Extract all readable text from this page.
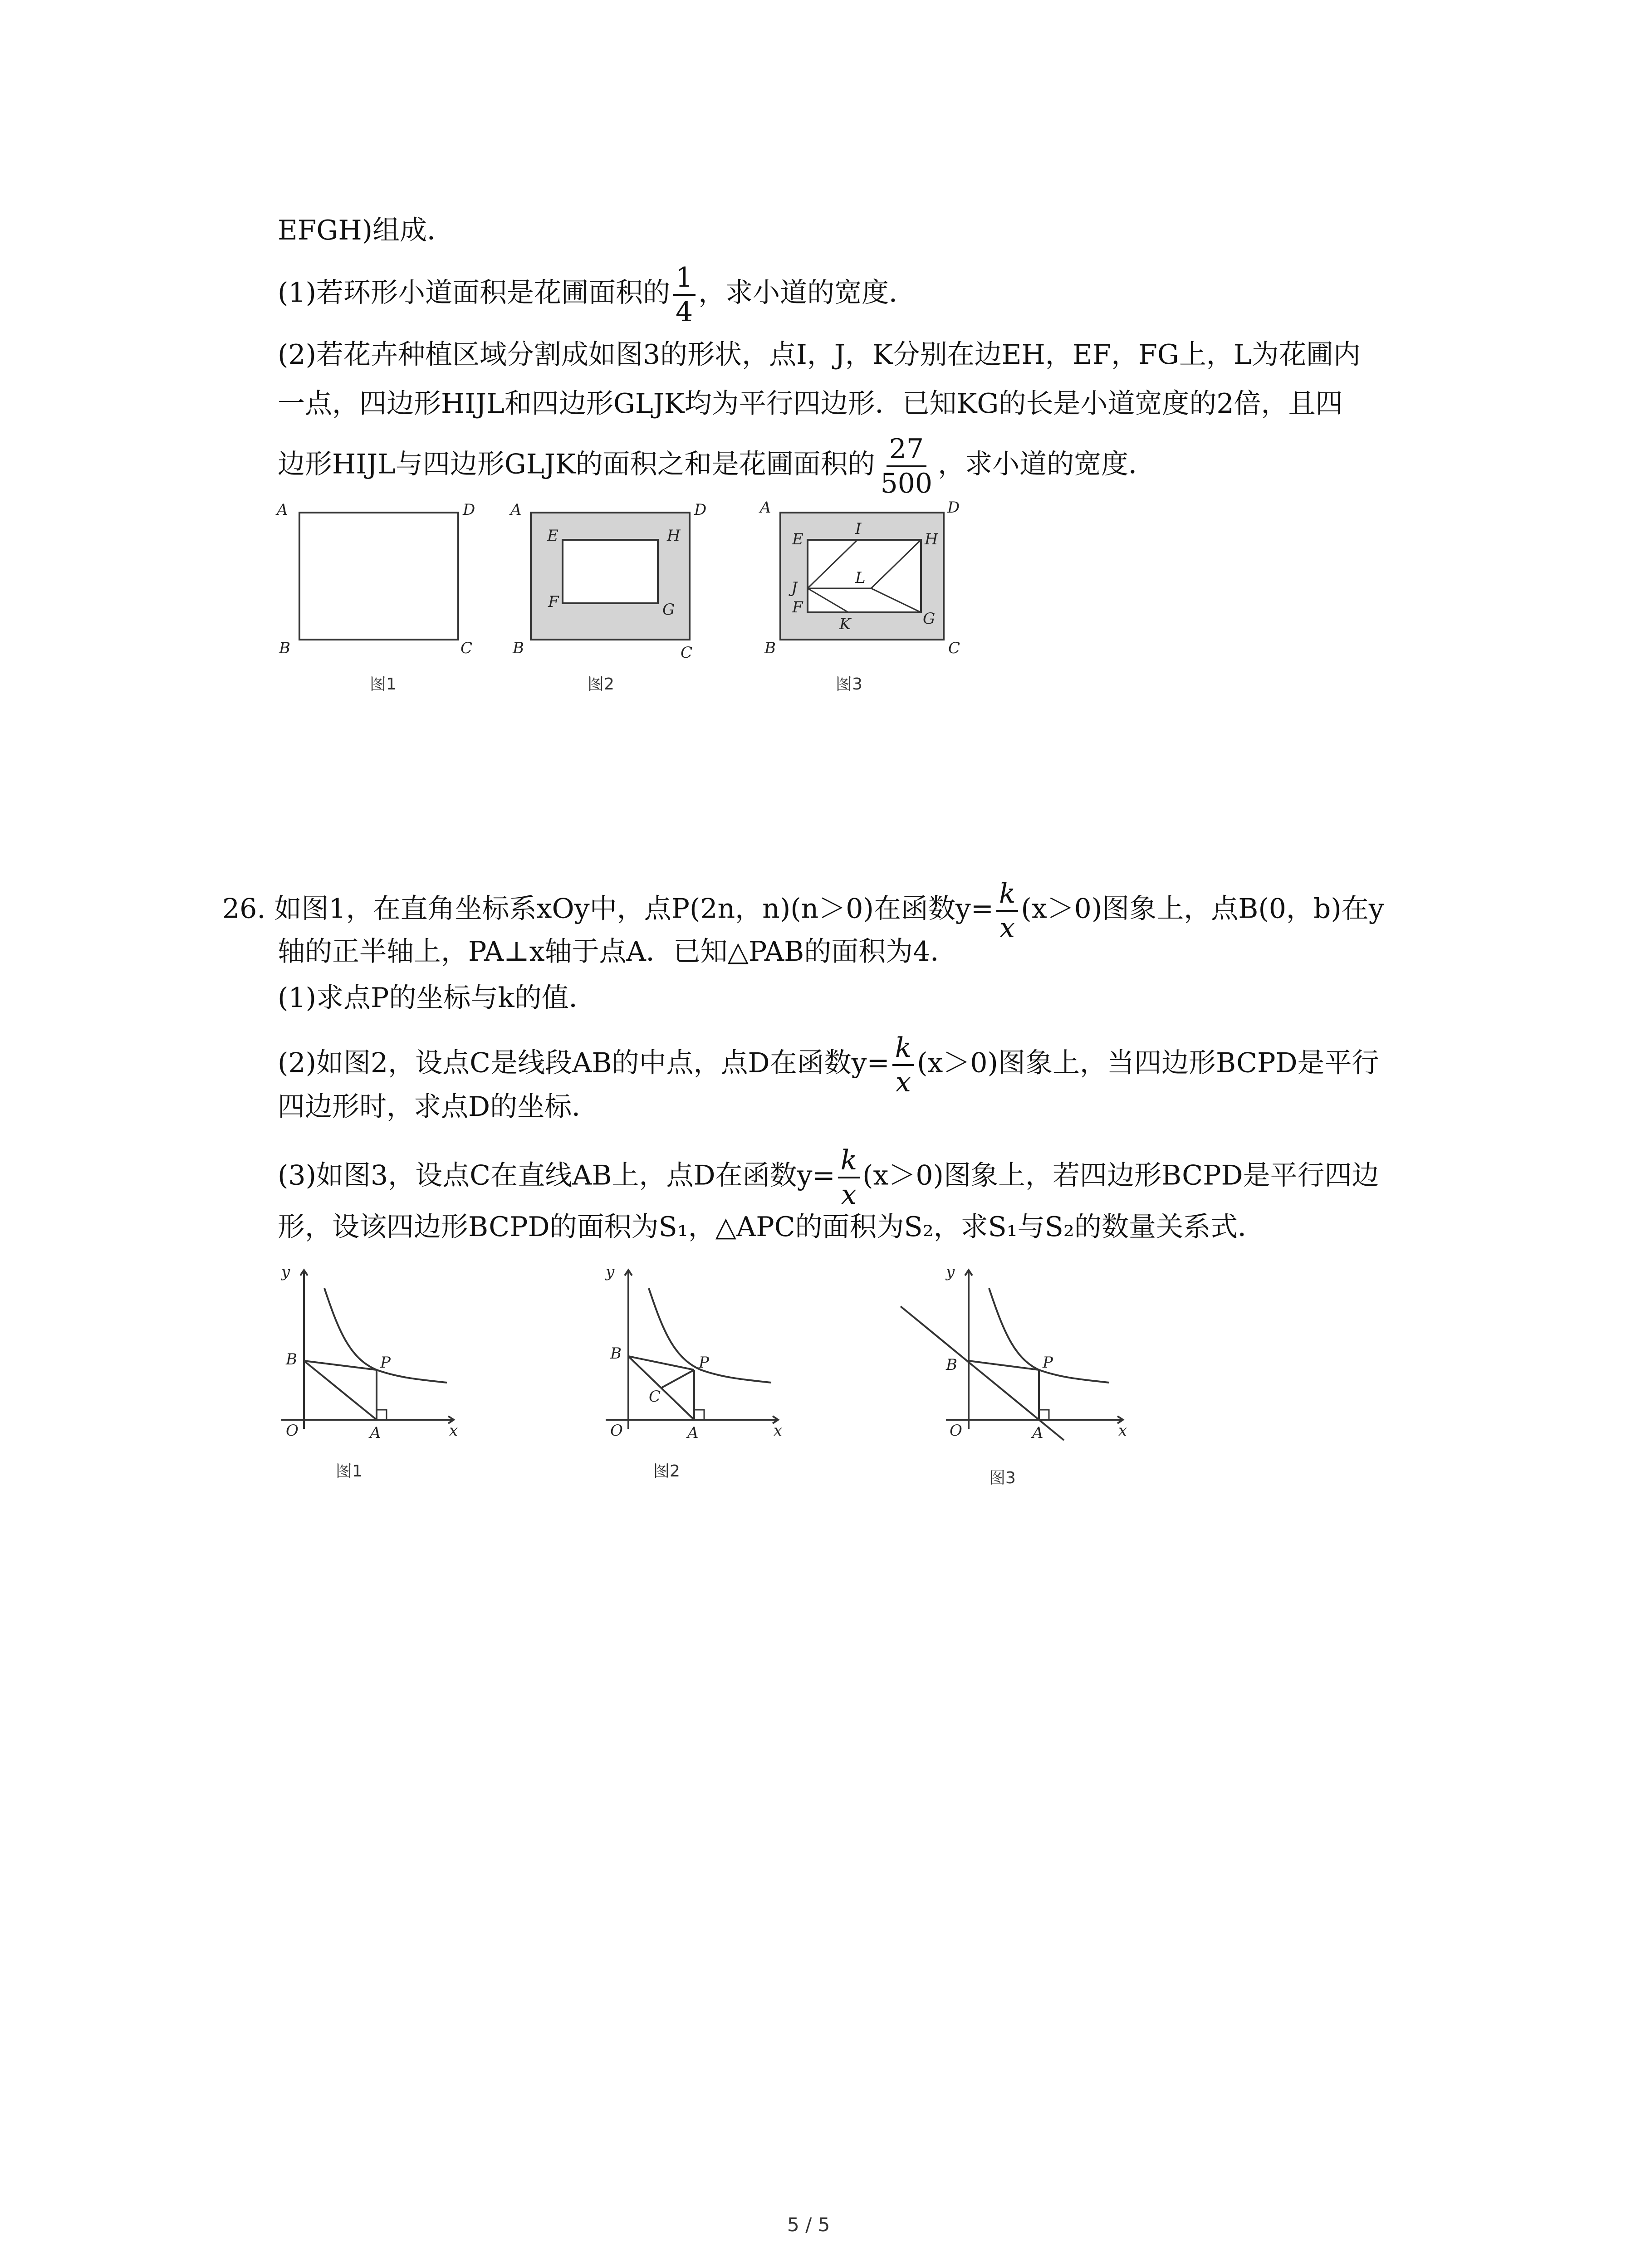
EFGH)组成．
(1)若环形小道面积是花圃面积的 $\frac{1}{4}$ ，求小道的宽度．
(2)若花卉种植区域分割成如图3的形状，点I，J，K分别在边EH，EF，FG上，L为花圃内
一点，四边形HIJL和四边形GLJK均为平行四边形．已知KG的长是小道宽度的2倍，且四
边形HIJL与四边形GLJK的面积之和是花圃面积的 $\frac{27}{500}$ ，求小道的宽度．
A	D
B	C
图1
A	D
B	C
E	H
F	G
图2
A	D
B	C
E
I
H
L
J
F
K	G
图3
26. 如图1，在直角坐标系xOy中，点P(2n，n)(n＞0)在函数$y= \frac{k}{x} (x>0)$图象上，点B(0，b)在y
轴的正半轴上，PA⊥x轴于点A．已知△PAB的面积为4．
(1)求点P的坐标与k的值．
(2)如图2，设点C是线段AB的中点，点D在函数$y= \frac{k}{x} (x>0)$图象上，当四边形BCPD是平行
四边形时，求点D的坐标．
(3)如图3，设点C在直线AB上，点D在函数$y= \frac{k}{x} (x>0)$图象上，若四边形BCPD是平行四边
形，设该四边形BCPD的面积为S₁，△APC的面积为S₂，求S₁与S₂的数量关系式．
y
B	P
O	A	x
图1
y
B	P
C
O	A	x
图2
y
B	P
O	A	x
图3
5 / 5
